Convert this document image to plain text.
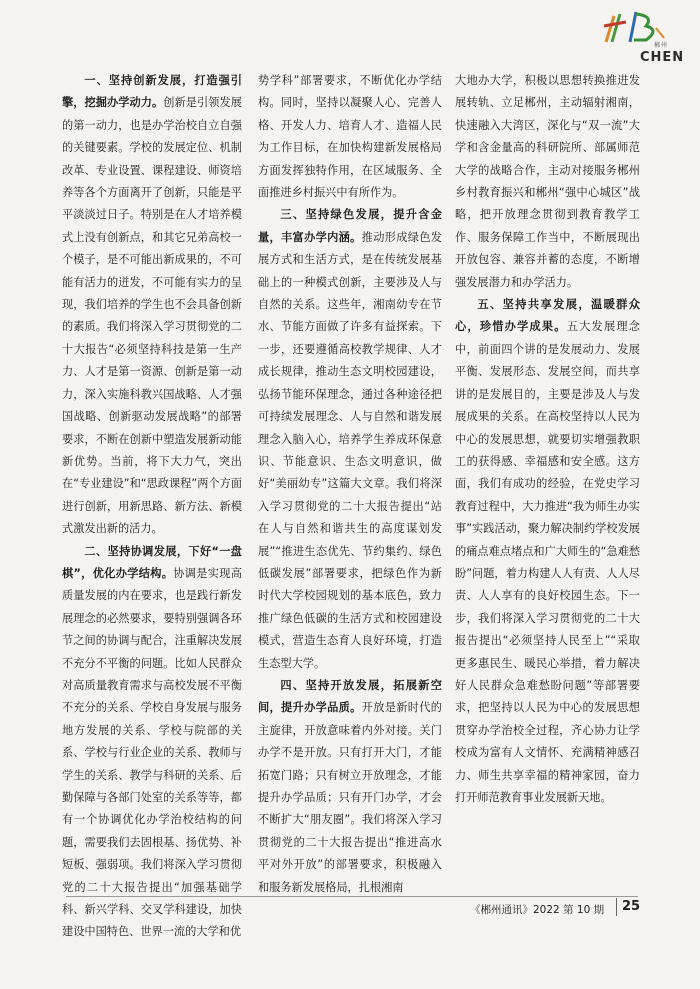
郴州
CHEN

一、坚持创新发展，打造强引擎，挖掘办学动力。创新是引领发展的第一动力，也是办学治校自立自强的关键要素。学校的发展定位、机制改革、专业设置、课程建设、师资培养等各个方面离开了创新，只能是平平淡淡过日子。特别是在人才培养模式上没有创新点，和其它兄弟高校一个模子，是不可能出新成果的，不可能有活力的迸发，不可能有实力的呈现，我们培养的学生也不会具备创新的素质。我们将深入学习贯彻党的二十大报告“必须坚持科技是第一生产力、人才是第一资源、创新是第一动力，深入实施科教兴国战略、人才强国战略、创新驱动发展战略”的部署要求，不断在创新中塑造发展新动能新优势。当前，将下大力气，突出在“专业建设”和“思政课程”两个方面进行创新，用新思路、新方法、新模式激发出新的活力。

二、坚持协调发展，下好“一盘棋”，优化办学结构。协调是实现高质量发展的内在要求，也是践行新发展理念的必然要求，要特别强调各环节之间的协调与配合，注重解决发展不充分不平衡的问题。比如人民群众对高质量教育需求与高校发展不平衡不充分的关系、学校自身发展与服务地方发展的关系、学校与院部的关系、学校与行业企业的关系、教师与学生的关系、教学与科研的关系、后勤保障与各部门处室的关系等等，都有一个协调优化办学治校结构的问题，需要我们去固根基、扬优势、补短板、强弱项。我们将深入学习贯彻党的二十大报告提出“加强基础学科、新兴学科、交叉学科建设，加快建设中国特色、世界一流的大学和优

势学科”部署要求，不断优化办学结构。同时，坚持以凝聚人心、完善人格、开发人力、培育人才、造福人民为工作目标，在加快构建新发展格局方面发挥独特作用，在区域服务、全面推进乡村振兴中有所作为。

三、坚持绿色发展，提升含金量，丰富办学内涵。推动形成绿色发展方式和生活方式，是在传统发展基础上的一种模式创新，主要涉及人与自然的关系。这些年，湘南幼专在节水、节能方面做了许多有益探索。下一步，还要遵循高校教学规律、人才成长规律，推动生态文明校园建设，弘扬节能环保理念，通过各种途径把可持续发展理念、人与自然和谐发展理念入脑入心，培养学生养成环保意识、节能意识、生态文明意识，做好“美丽幼专”这篇大文章。我们将深入学习贯彻党的二十大报告提出“站在人与自然和谐共生的高度谋划发展”“推进生态优先、节约集约、绿色低碳发展”部署要求，把绿色作为新时代大学校园规划的基本底色，致力推广绿色低碳的生活方式和校园建设模式，营造生态育人良好环境，打造生态型大学。

四、坚持开放发展，拓展新空间，提升办学品质。开放是新时代的主旋律，开放意味着内外对接。关门办学不是开放。只有打开大门，才能拓宽门路；只有树立开放理念，才能提升办学品质；只有开门办学，才会不断扩大“朋友圈”。我们将深入学习贯彻党的二十大报告提出“推进高水平对外开放”的部署要求，积极融入和服务新发展格局，扎根湘南

大地办大学，积极以思想转换推进发展转轨、立足郴州，主动辐射湘南，快速融入大湾区，深化与“双一流”大学和含金量高的科研院所、部属师范大学的战略合作，主动对接服务郴州乡村教育振兴和郴州“强中心城区”战略，把开放理念贯彻到教育教学工作、服务保障工作当中，不断展现出开放包容、兼容并蓄的态度，不断增强发展潜力和办学活力。

五、坚持共享发展，温暖群众心，珍惜办学成果。五大发展理念中，前面四个讲的是发展动力、发展平衡、发展形态、发展空间，而共享讲的是发展目的，主要是涉及人与发展成果的关系。在高校坚持以人民为中心的发展思想，就要切实增强教职工的获得感、幸福感和安全感。这方面，我们有成功的经验，在党史学习教育过程中，大力推进“我为师生办实事”实践活动，聚力解决制约学校发展的痛点难点堵点和广大师生的“急难愁盼”问题，着力构建人人有责、人人尽责、人人享有的良好校园生态。下一步，我们将深入学习贯彻党的二十大报告提出“必须坚持人民至上”“采取更多惠民生、暖民心举措，着力解决好人民群众急难愁盼问题”等部署要求，把坚持以人民为中心的发展思想贯穿办学治校全过程，齐心协力让学校成为富有人文情怀、充满精神感召力、师生共享幸福的精神家园，奋力打开师范教育事业发展新天地。

《郴州通讯》2022 第 10 期 25
